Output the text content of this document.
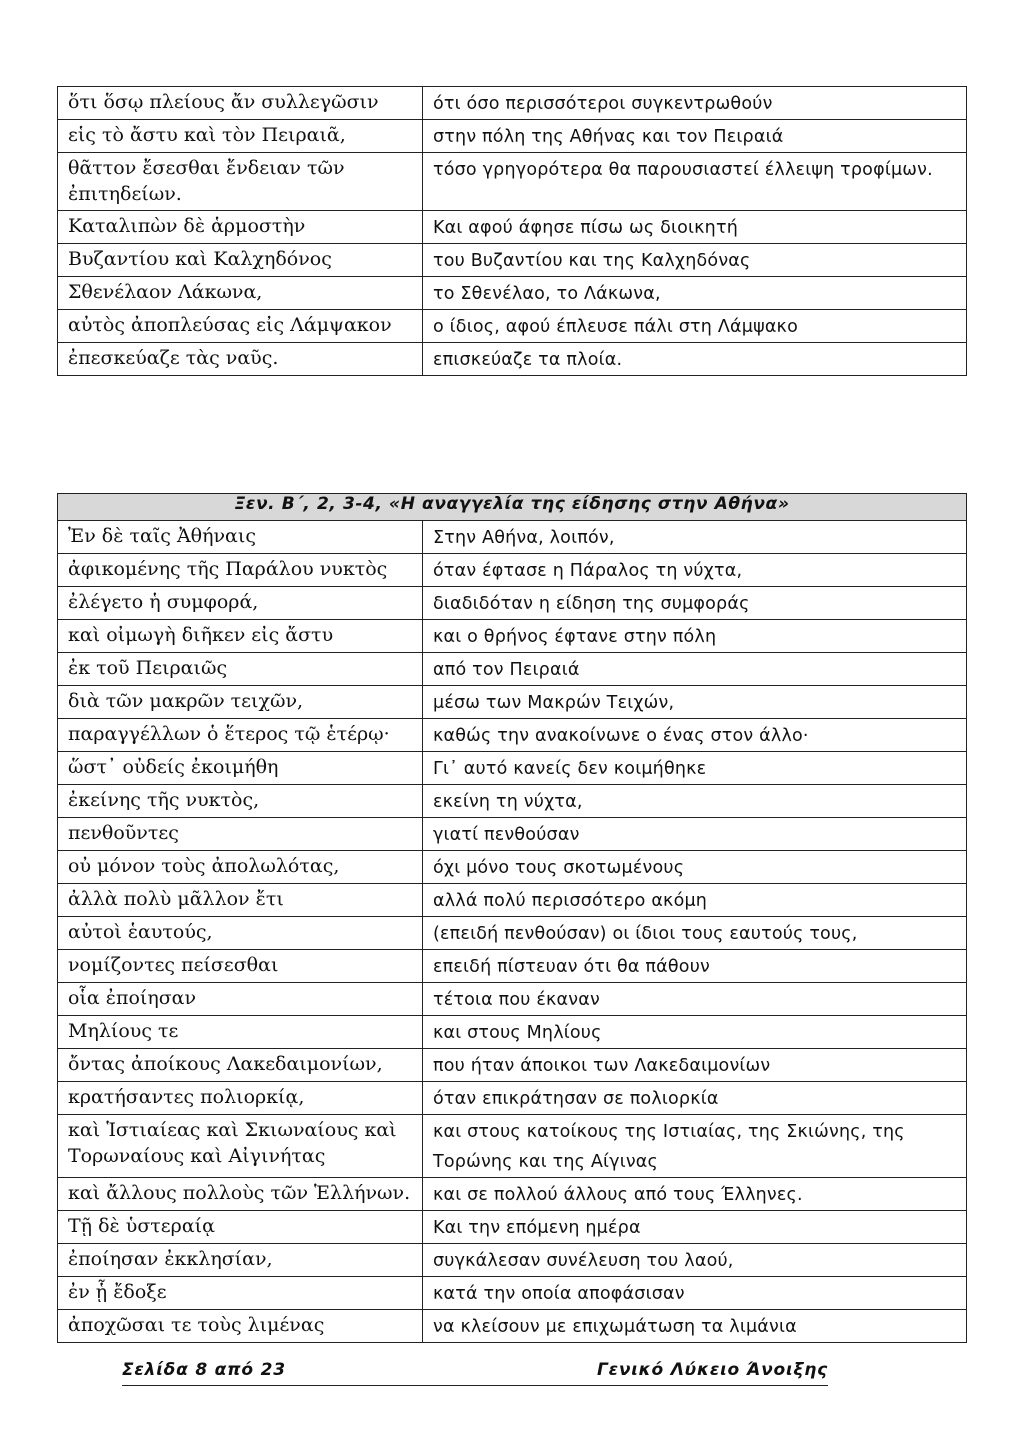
ὅτι ὅσῳ πλείους ἄν συλλεγῶσιν	ότι όσο περισσότεροι συγκεντρωθούν
εἱς τὸ ἄστυ καὶ τὸν Πειραιᾶ,	στην πόλη της Αθήνας και τον Πειραιά
θᾶττον ἔσεσθαι ἔνδειαν τῶν ἐπιτηδείων.	τόσο γρηγορότερα θα παρουσιαστεί έλλειψη τροφίμων.
Καταλιπὼν δὲ ἁρμοστὴν	Και αφού άφησε πίσω ως διοικητή
Βυζαντίου καὶ Καλχηδόνος	του Βυζαντίου και της Καλχηδόνας
Σθενέλαον Λάκωνα,	το Σθενέλαο, το Λάκωνα,
αὐτὸς ἀποπλεύσας εἰς Λάμψακον	ο ίδιος, αφού έπλευσε πάλι στη Λάμψακο
ἐπεσκεύαζε τὰς ναῦς.	επισκεύαζε τα πλοία.
Ξεν. Β΄, 2, 3-4, «Η αναγγελία της είδησης στην Αθήνα»	
Ἐν δὲ ταῖς Ἀθήναις	Στην Αθήνα, λοιπόν,
ἀφικομένης τῆς Παράλου νυκτὸς	όταν έφτασε η Πάραλος τη νύχτα,
ἐλέγετο ἡ συμφορά,	διαδιδόταν η είδηση της συμφοράς
καὶ οἰμωγὴ διῆκεν εἰς ἄστυ	και ο θρήνος έφτανε στην πόλη
ἐκ τοῦ Πειραιῶς	από τον Πειραιά
διὰ τῶν μακρῶν τειχῶν,	μέσω των Μακρών Τειχών,
παραγγέλλων ὁ ἕτερος τῷ ἑτέρῳ·	καθώς την ανακοίνωνε ο ένας στον άλλο·
ὥστ᾽ οὐδείς ἐκοιμήθη	Γι᾽ αυτό κανείς δεν κοιμήθηκε
ἐκείνης τῆς νυκτὸς,	εκείνη τη νύχτα,
πενθοῦντες	γιατί πενθούσαν
οὐ μόνον τοὺς ἀπολωλότας,	όχι μόνο τους σκοτωμένους
ἀλλὰ πολὺ μᾶλλον ἔτι	αλλά πολύ περισσότερο ακόμη
αὐτοὶ ἑαυτούς,	(επειδή πενθούσαν) οι ίδιοι τους εαυτούς τους,
νομίζοντες πείσεσθαι	επειδή πίστευαν ότι θα πάθουν
οἷα ἐποίησαν	τέτοια που έκαναν
Μηλίους τε	και στους Μηλίους
ὄντας ἀποίκους Λακεδαιμονίων,	που ήταν άποικοι των Λακεδαιμονίων
κρατήσαντες πολιορκίᾳ,	όταν επικράτησαν σε πολιορκία
καὶ Ἱστιαίεας καὶ Σκιωναίους καὶ Τορωναίους καὶ Αἰγινήτας	και στους κατοίκους της Ιστιαίας, της Σκιώνης, της Τορώνης και της Αίγινας
καὶ ἄλλους πολλοὺς τῶν Ἑλλήνων.	και σε πολλού άλλους από τους Έλληνες.
Τῇ δὲ ὑστεραίᾳ	Και την επόμενη ημέρα
ἐποίησαν ἐκκλησίαν,	συγκάλεσαν συνέλευση του λαού,
ἐν ᾗ ἔδοξε	κατά την οποία αποφάσισαν
ἀποχῶσαι τε τοὺς λιμένας	να κλείσουν με επιχωμάτωση τα λιμάνια
Σελίδα 8 από 23	Γενικό Λύκειο Άνοιξης
